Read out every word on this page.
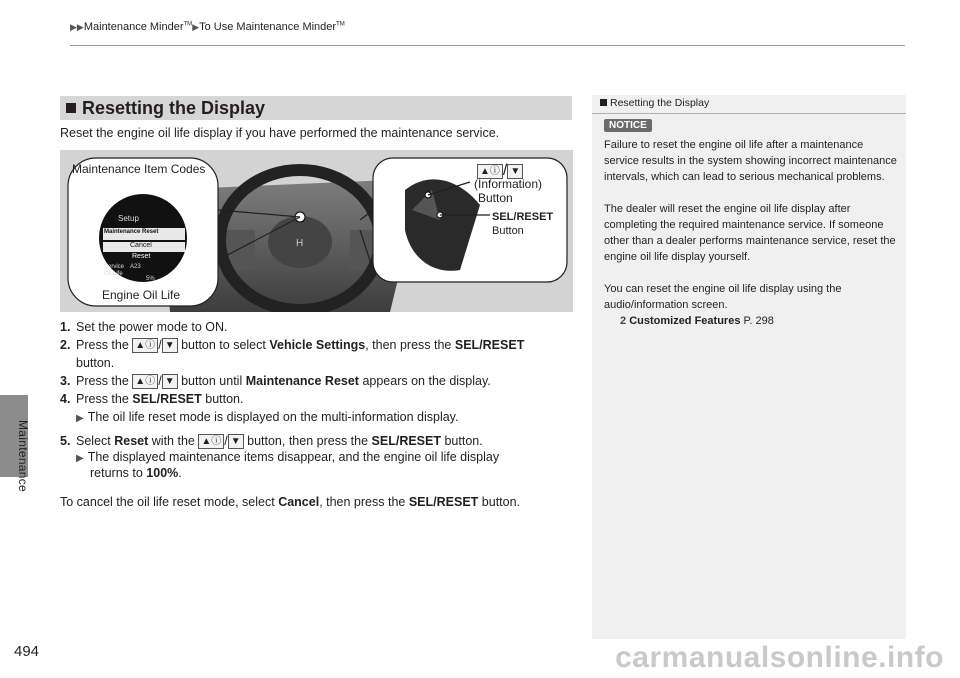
▶▶Maintenance Minder™▶To Use Maintenance Minder™
Maintenance
494
Resetting the Display
Reset the engine oil life display if you have performed the maintenance service.
H
Maintenance Item Codes
Engine Oil Life
Setup
Maintenance Reset
Cancel
Reset
Service
Oil Life
A23
5%
▲ⓘ / ▼
(Information)
Button
SEL/RESET
Button
1. Set the power mode to ON.
2. Press the ▲ⓘ / ▼ button to select Vehicle Settings, then press the SEL/RESET
button.
3. Press the ▲ⓘ / ▼ button until Maintenance Reset appears on the display.
4. Press the SEL/RESET button.
▶ The oil life reset mode is displayed on the multi-information display.
5. Select Reset with the ▲ⓘ / ▼ button, then press the SEL/RESET button.
▶ The displayed maintenance items disappear, and the engine oil life display
returns to 100%.
To cancel the oil life reset mode, select Cancel, then press the SEL/RESET button.
Resetting the Display
NOTICE

Failure to reset the engine oil life after a maintenance service results in the system showing incorrect maintenance intervals, which can lead to serious mechanical problems.

The dealer will reset the engine oil life display after completing the required maintenance service. If someone other than a dealer performs maintenance service, reset the engine oil life display yourself.

You can reset the engine oil life display using the audio/information screen.

2 Customized Features P. 298
carmanualsonline.info
